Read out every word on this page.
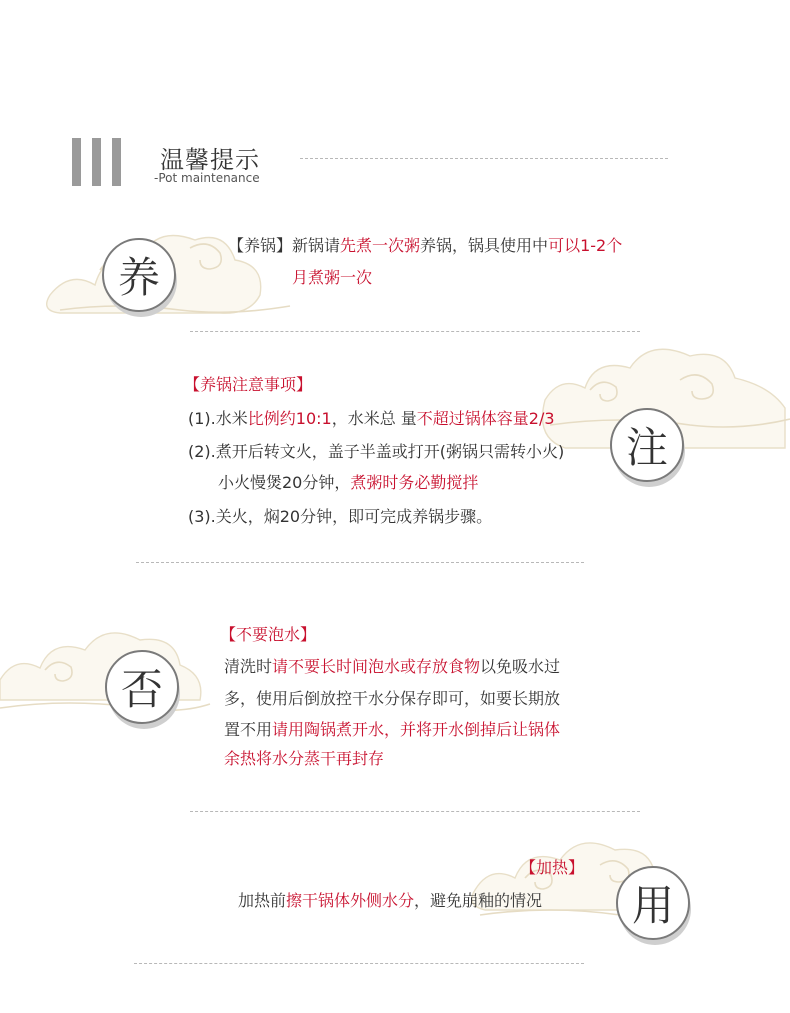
温馨提示
-Pot maintenance
养
【养锅】新锅请先煮一次粥养锅，锅具使用中可以1-2个
月煮粥一次
【养锅注意事项】
(1).水米比例约10:1，水米总 量不超过锅体容量2/3
(2).煮开后转文火，盖子半盖或打开(粥锅只需转小火)
小火慢煲20分钟，煮粥时务必勤搅拌
(3).关火，焖20分钟，即可完成养锅步骤。
注
【不要泡水】
否	清洗时请不要长时间泡水或存放食物以免吸水过
多，使用后倒放控干水分保存即可，如要长期放
置不用请用陶锅煮开水，并将开水倒掉后让锅体
余热将水分蒸干再封存
【加热】
加热前擦干锅体外侧水分，避免崩釉的情况	用
